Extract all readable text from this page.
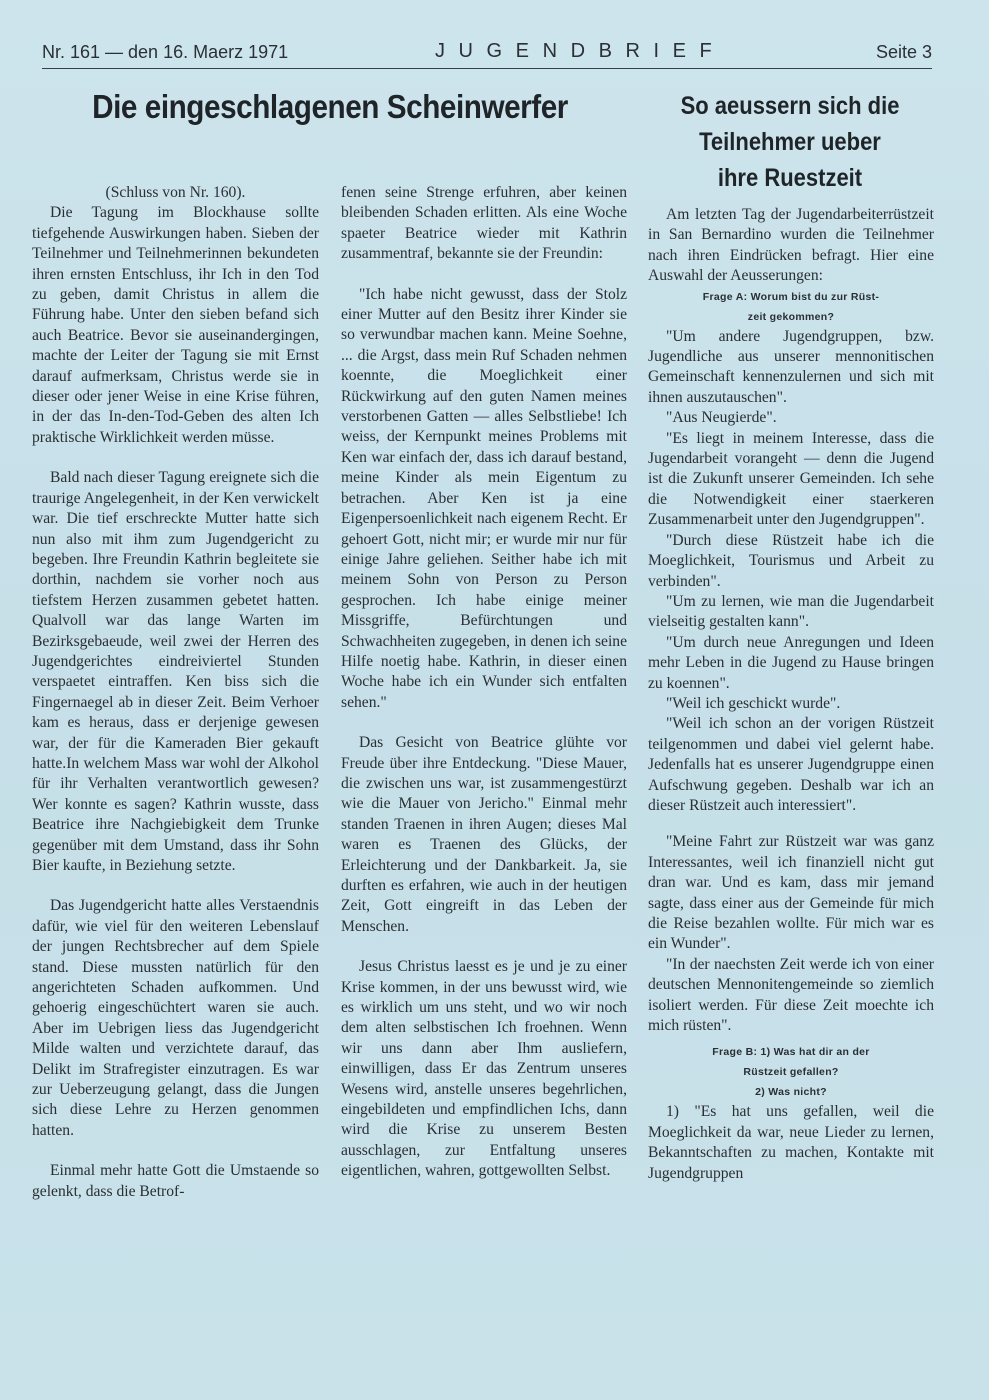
Nr. 161 — den 16. Maerz 1971	J U G E N D B R I E F	Seite 3
Die eingeschlagenen Scheinwerfer	So aeussern sich die
Teilnehmer ueber
ihre Ruestzeit

(Schluss von Nr. 160).

Die Tagung im Blockhause sollte tiefgehende Auswirkungen haben. Sieben der Teilnehmer und Teilnehmerinnen bekundeten ihren ernsten Entschluss, ihr Ich in den Tod zu geben, damit Christus in allem die Führung habe. Unter den sieben befand sich auch Beatrice. Bevor sie auseinandergingen, machte der Leiter der Tagung sie mit Ernst darauf aufmerksam, Christus werde sie in dieser oder jener Weise in eine Krise führen, in der das In-den-Tod-Geben des alten Ich praktische Wirklichkeit werden müsse.

Bald nach dieser Tagung ereignete sich die traurige Angelegenheit, in der Ken verwickelt war. Die tief erschreckte Mutter hatte sich nun also mit ihm zum Jugendgericht zu begeben. Ihre Freundin Kathrin begleitete sie dorthin, nachdem sie vorher noch aus tiefstem Herzen zusammen gebetet hatten. Qualvoll war das lange Warten im Bezirksgebaeude, weil zwei der Herren des Jugendgerichtes eindreiviertel Stunden verspaetet eintraffen. Ken biss sich die Fingernaegel ab in dieser Zeit. Beim Verhoer kam es heraus, dass er derjenige gewesen war, der für die Kameraden Bier gekauft hatte.In welchem Mass war wohl der Alkohol für ihr Verhalten verantwortlich gewesen? Wer konnte es sagen? Kathrin wusste, dass Beatrice ihre Nachgiebigkeit dem Trunke gegenüber mit dem Umstand, dass ihr Sohn Bier kaufte, in Beziehung setzte.

Das Jugendgericht hatte alles Verstaendnis dafür, wie viel für den weiteren Lebenslauf der jungen Rechtsbrecher auf dem Spiele stand. Diese mussten natürlich für den angerichteten Schaden aufkommen. Und gehoerig eingeschüchtert waren sie auch. Aber im Uebrigen liess das Jugendgericht Milde walten und verzichtete darauf, das Delikt im Strafregister einzutragen. Es war zur Ueberzeugung gelangt, dass die Jungen sich diese Lehre zu Herzen genommen hatten.

Einmal mehr hatte Gott die Umstaende so gelenkt, dass die Betrof-

fenen seine Strenge erfuhren, aber keinen bleibenden Schaden erlitten. Als eine Woche spaeter Beatrice wieder mit Kathrin zusammentraf, bekannte sie der Freundin:

"Ich habe nicht gewusst, dass der Stolz einer Mutter auf den Besitz ihrer Kinder sie so verwundbar machen kann. Meine Soehne, ... die Argst, dass mein Ruf Schaden nehmen koennte, die Moeglichkeit einer Rückwirkung auf den guten Namen meines verstorbenen Gatten — alles Selbstliebe! Ich weiss, der Kernpunkt meines Problems mit Ken war einfach der, dass ich darauf bestand, meine Kinder als mein Eigentum zu betrachen. Aber Ken ist ja eine Eigenpersoenlichkeit nach eigenem Recht. Er gehoert Gott, nicht mir; er wurde mir nur für einige Jahre geliehen. Seither habe ich mit meinem Sohn von Person zu Person gesprochen. Ich habe einige meiner Missgriffe, Befürchtungen und Schwachheiten zugegeben, in denen ich seine Hilfe noetig habe. Kathrin, in dieser einen Woche habe ich ein Wunder sich entfalten sehen."

Das Gesicht von Beatrice glühte vor Freude über ihre Entdeckung. "Diese Mauer, die zwischen uns war, ist zusammengestürzt wie die Mauer von Jericho." Einmal mehr standen Traenen in ihren Augen; dieses Mal waren es Traenen des Glücks, der Erleichterung und der Dankbarkeit. Ja, sie durften es erfahren, wie auch in der heutigen Zeit, Gott eingreift in das Leben der Menschen.

Jesus Christus laesst es je und je zu einer Krise kommen, in der uns bewusst wird, wie es wirklich um uns steht, und wo wir noch dem alten selbstischen Ich froehnen. Wenn wir uns dann aber Ihm ausliefern, einwilligen, dass Er das Zentrum unseres Wesens wird, anstelle unseres begehrlichen, eingebildeten und empfindlichen Ichs, dann wird die Krise zu unserem Besten ausschlagen, zur Entfaltung unseres eigentlichen, wahren, gottgewollten Selbst.

Am letzten Tag der Jugendarbeiterrüstzeit in San Bernardino wurden die Teilnehmer nach ihren Eindrücken befragt. Hier eine Auswahl der Aeusserungen:

Frage A: Worum bist du zur Rüst-
zeit gekommen?

"Um andere Jugendgruppen, bzw. Jugendliche aus unserer mennonitischen Gemeinschaft kennenzulernen und sich mit ihnen auszutauschen".

"Aus Neugierde".

"Es liegt in meinem Interesse, dass die Jugendarbeit vorangeht — denn die Jugend ist die Zukunft unserer Gemeinden. Ich sehe die Notwendigkeit einer staerkeren Zusammenarbeit unter den Jugendgruppen".

"Durch diese Rüstzeit habe ich die Moeglichkeit, Tourismus und Arbeit zu verbinden".

"Um zu lernen, wie man die Jugendarbeit vielseitig gestalten kann".

"Um durch neue Anregungen und Ideen mehr Leben in die Jugend zu Hause bringen zu koennen".

"Weil ich geschickt wurde".

"Weil ich schon an der vorigen Rüstzeit teilgenommen und dabei viel gelernt habe. Jedenfalls hat es unserer Jugendgruppe einen Aufschwung gegeben. Deshalb war ich an dieser Rüstzeit auch interessiert".

"Meine Fahrt zur Rüstzeit war was ganz Interessantes, weil ich finanziell nicht gut dran war. Und es kam, dass mir jemand sagte, dass einer aus der Gemeinde für mich die Reise bezahlen wollte. Für mich war es ein Wunder".

"In der naechsten Zeit werde ich von einer deutschen Mennonitengemeinde so ziemlich isoliert werden. Für diese Zeit moechte ich mich rüsten".

Frage B: 1) Was hat dir an der
Rüstzeit gefallen?
2) Was nicht?

1) "Es hat uns gefallen, weil die Moeglichkeit da war, neue Lieder zu lernen, Bekanntschaften zu machen, Kontakte mit Jugendgruppen
